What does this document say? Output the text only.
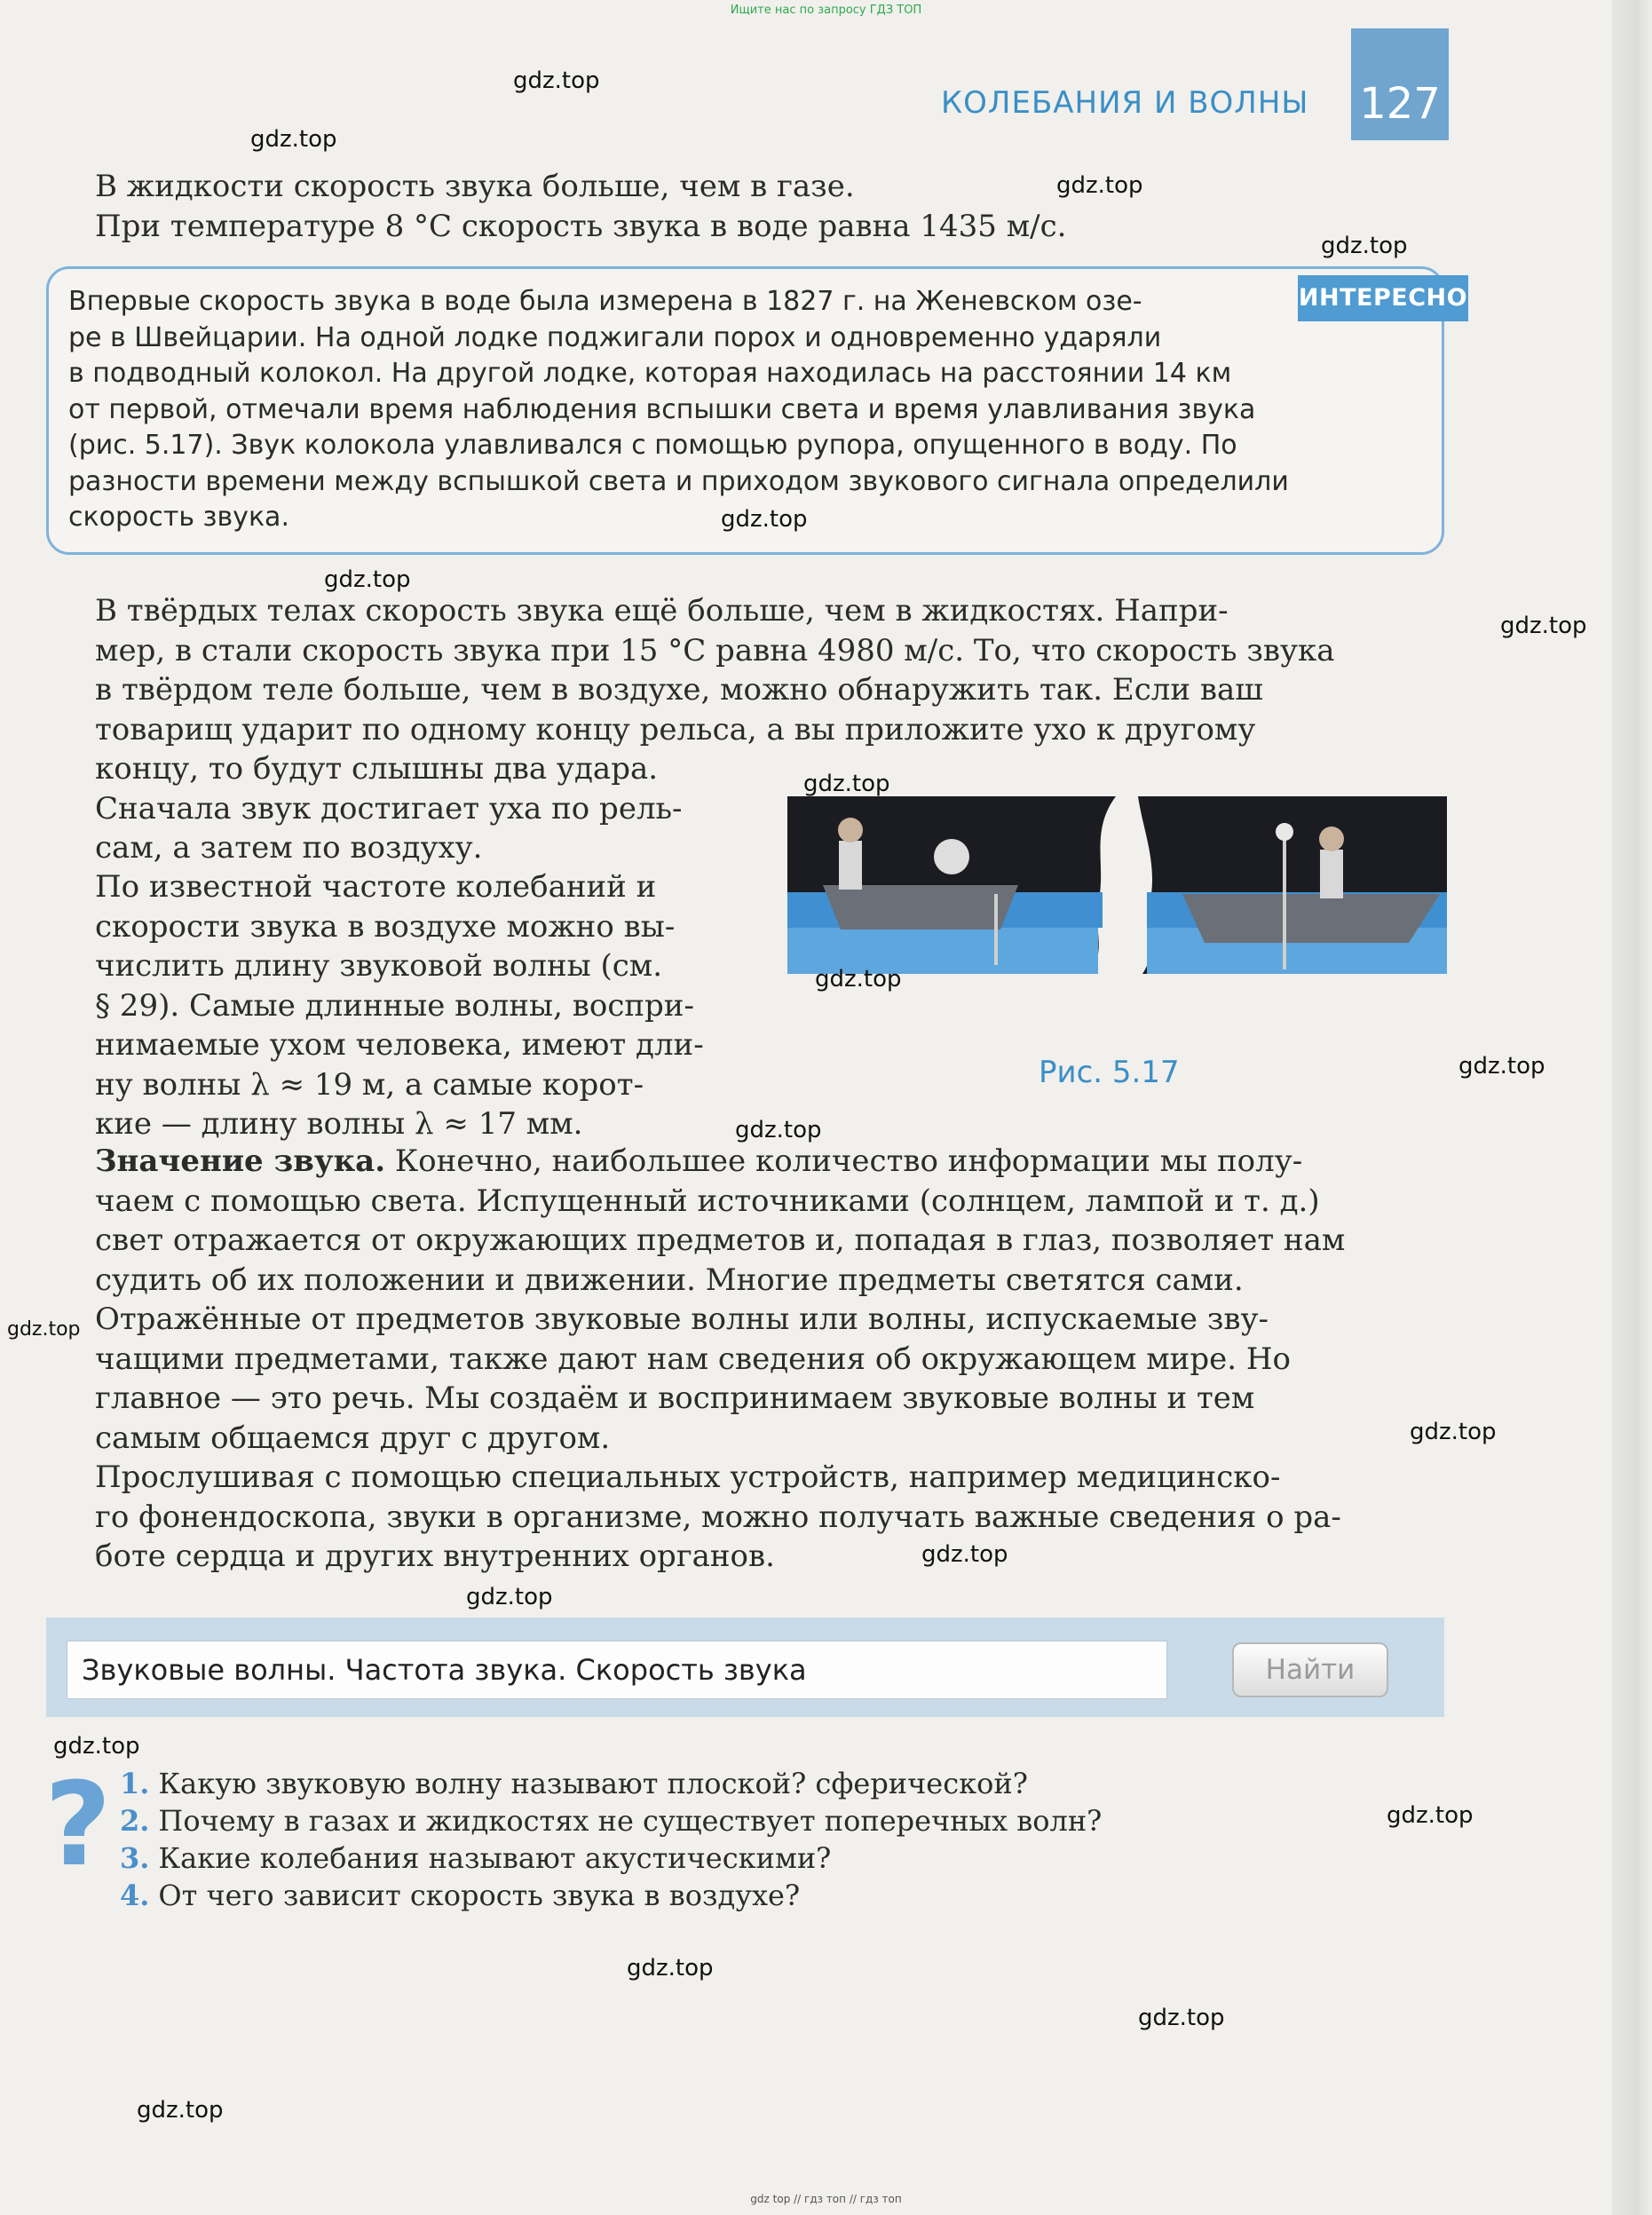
Ищите нас по запросу ГДЗ ТОП
КОЛЕБАНИЯ И ВОЛНЫ 127
В жидкости скорость звука больше, чем в газе.
При температуре 8 °С скорость звука в воде равна 1435 м/с.
ИНТЕРЕСНО
Впервые скорость звука в воде была измерена в 1827 г. на Женевском озе-
ре в Швейцарии. На одной лодке поджигали порох и одновременно ударяли
в подводный колокол. На другой лодке, которая находилась на расстоянии 14 км
от первой, отмечали время наблюдения вспышки света и время улавливания звука
(рис. 5.17). Звук колокола улавливался с помощью рупора, опущенного в воду. По
разности времени между вспышкой света и приходом звукового сигнала определили
скорость звука.
В твёрдых телах скорость звука ещё больше, чем в жидкостях. Напри-
мер, в стали скорость звука при 15 °С равна 4980 м/с. То, что скорость звука
в твёрдом теле больше, чем в воздухе, можно обнаружить так. Если ваш
товарищ ударит по одному концу рельса, а вы приложите ухо к другому
концу, то будут слышны два удара.
Сначала звук достигает уха по рель-
сам, а затем по воздуху.
По известной частоте колебаний и
скорости звука в воздухе можно вы-
числить длину звуковой волны (см.
§ 29). Самые длинные волны, воспри-
нимаемые ухом человека, имеют дли-
ну волны λ ≈ 19 м, а самые корот-
кие — длину волны λ ≈ 17 мм.
Рис. 5.17
Значение звука. Конечно, наибольшее количество информации мы полу-
чаем с помощью света. Испущенный источниками (солнцем, лампой и т. д.)
свет отражается от окружающих предметов и, попадая в глаз, позволяет нам
судить об их положении и движении. Многие предметы светятся сами.
Отражённые от предметов звуковые волны или волны, испускаемые зву-
чащими предметами, также дают нам сведения об окружающем мире. Но
главное — это речь. Мы создаём и воспринимаем звуковые волны и тем
самым общаемся друг с другом.
Прослушивая с помощью специальных устройств, например медицинско-
го фонендоскопа, звуки в организме, можно получать важные сведения о ра-
боте сердца и других внутренних органов.
Звуковые волны. Частота звука. Скорость звука	Найти
? 1. Какую звуковую волну называют плоской? сферической?
2. Почему в газах и жидкостях не существует поперечных волн?
3. Какие колебания называют акустическими?
4. От чего зависит скорость звука в воздухе?
gdz.top
gdz.top
gdz.top
gdz.top
gdz.top
gdz.top
gdz.top
gdz.top
gdz.top
gdz.top
gdz.top
gdz.top
gdz.top
gdz.top
gdz.top
gdz.top
gdz.top
gdz.top
gdz.top
gdz.top
gdz top // гдз топ // гдз топ
